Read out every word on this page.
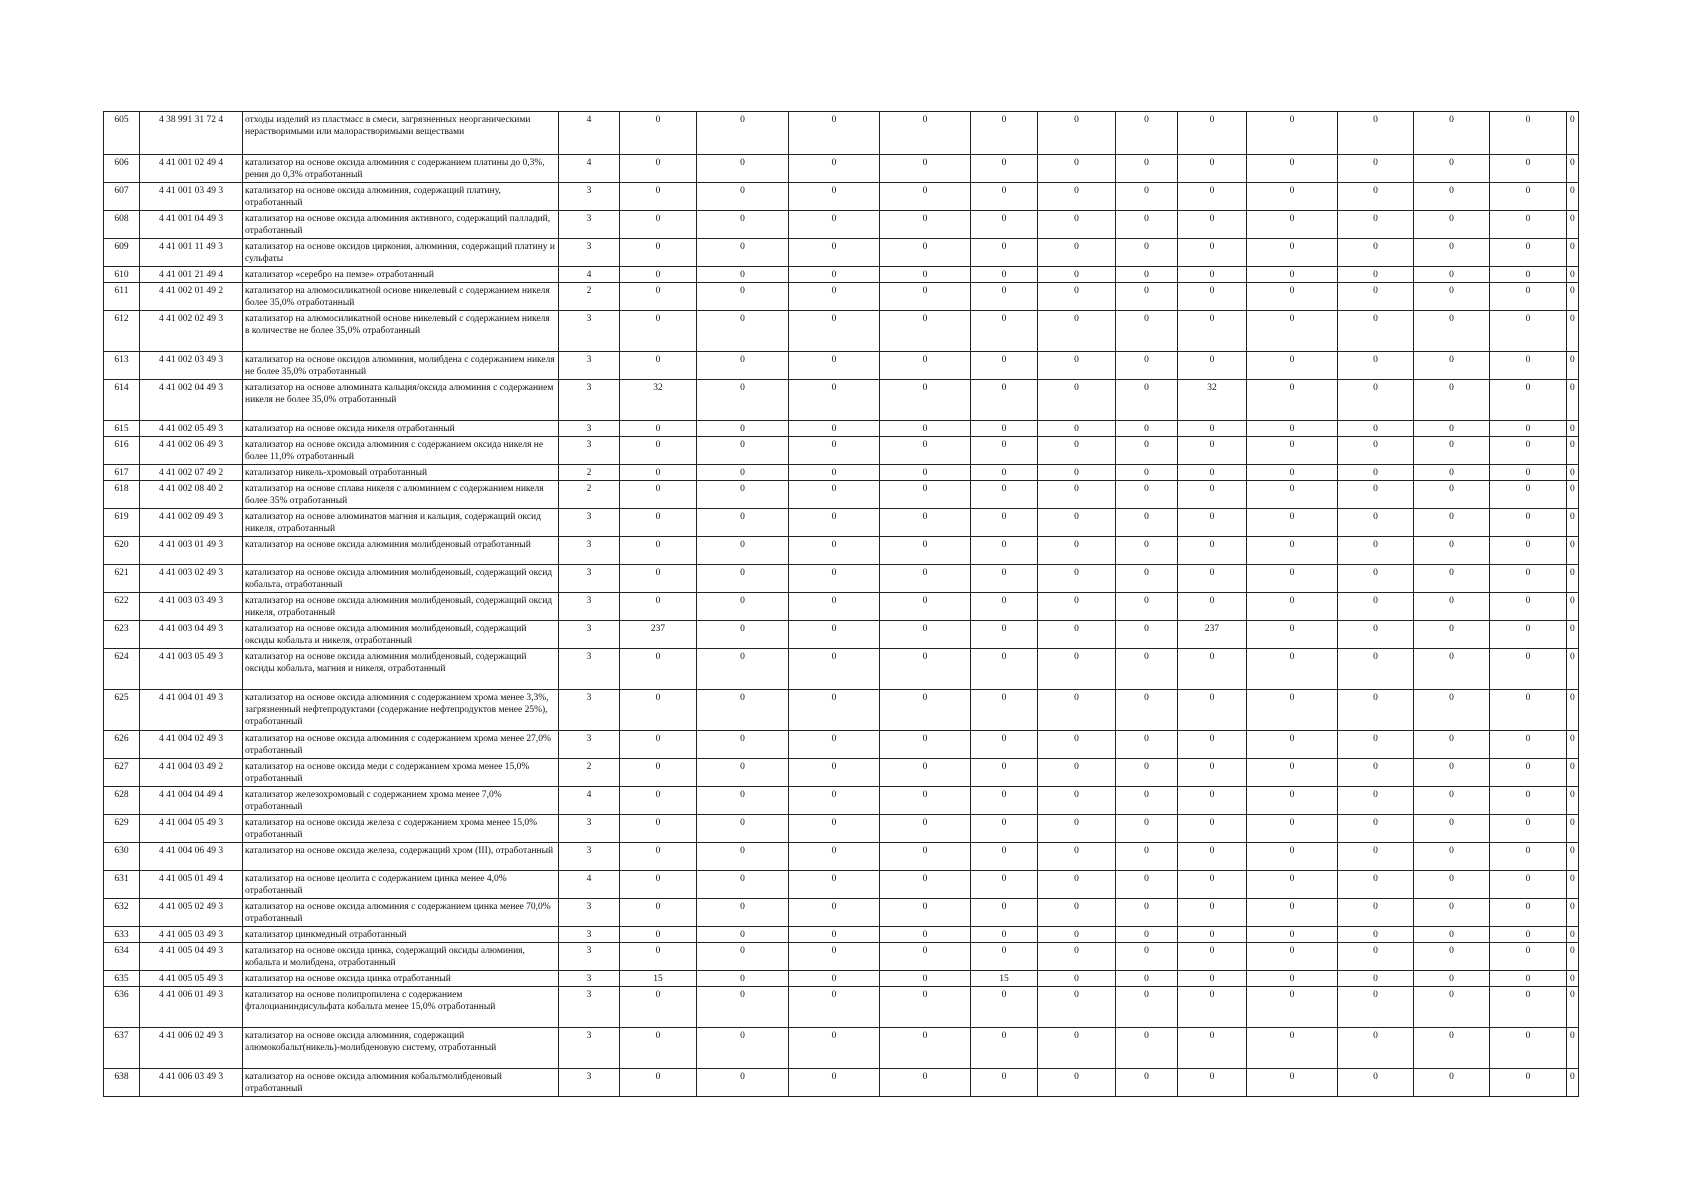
605	4 38 991 31 72 4	отходы изделий из пластмасс в смеси, загрязненных неорганическими нерастворимыми или малорастворимыми веществами	4	0	0	0	0	0	0	0	0	0	0	0	0	0
606	4 41 001 02 49 4	катализатор на основе оксида алюминия с содержанием платины до 0,3%, рения до 0,3% отработанный	4	0	0	0	0	0	0	0	0	0	0	0	0	0
607	4 41 001 03 49 3	катализатор на основе оксида алюминия, содержащий платину, отработанный	3	0	0	0	0	0	0	0	0	0	0	0	0	0
608	4 41 001 04 49 3	катализатор на основе оксида алюминия активного, содержащий палладий, отработанный	3	0	0	0	0	0	0	0	0	0	0	0	0	0
609	4 41 001 11 49 3	катализатор на основе оксидов циркония, алюминия, содержащий платину и сульфаты	3	0	0	0	0	0	0	0	0	0	0	0	0	0
610	4 41 001 21 49 4	катализатор «серебро на пемзе» отработанный	4	0	0	0	0	0	0	0	0	0	0	0	0	0
611	4 41 002 01 49 2	катализатор на алюмосиликатной основе никелевый с содержанием никеля более 35,0% отработанный	2	0	0	0	0	0	0	0	0	0	0	0	0	0
612	4 41 002 02 49 3	катализатор на алюмосиликатной основе никелевый с содержанием никеля в количестве не более 35,0% отработанный	3	0	0	0	0	0	0	0	0	0	0	0	0	0
613	4 41 002 03 49 3	катализатор на основе оксидов алюминия, молибдена с содержанием никеля не более 35,0% отработанный	3	0	0	0	0	0	0	0	0	0	0	0	0	0
614	4 41 002 04 49 3	катализатор на основе алюмината кальция/оксида алюминия с содержанием никеля не более 35,0% отработанный	3	32	0	0	0	0	0	0	32	0	0	0	0	0
615	4 41 002 05 49 3	катализатор на основе оксида никеля отработанный	3	0	0	0	0	0	0	0	0	0	0	0	0	0
616	4 41 002 06 49 3	катализатор на основе оксида алюминия с содержанием оксида никеля не более 11,0% отработанный	3	0	0	0	0	0	0	0	0	0	0	0	0	0
617	4 41 002 07 49 2	катализатор никель-хромовый отработанный	2	0	0	0	0	0	0	0	0	0	0	0	0	0
618	4 41 002 08 40 2	катализатор на основе сплава никеля с алюминием с содержанием никеля более 35% отработанный	2	0	0	0	0	0	0	0	0	0	0	0	0	0
619	4 41 002 09 49 3	катализатор на основе алюминатов магния и кальция, содержащий оксид никеля, отработанный	3	0	0	0	0	0	0	0	0	0	0	0	0	0
620	4 41 003 01 49 3	катализатор на основе оксида алюминия молибденовый отработанный	3	0	0	0	0	0	0	0	0	0	0	0	0	0
621	4 41 003 02 49 3	катализатор на основе оксида алюминия молибденовый, содержащий оксид кобальта, отработанный	3	0	0	0	0	0	0	0	0	0	0	0	0	0
622	4 41 003 03 49 3	катализатор на основе оксида алюминия молибденовый, содержащий оксид никеля, отработанный	3	0	0	0	0	0	0	0	0	0	0	0	0	0
623	4 41 003 04 49 3	катализатор на основе оксида алюминия молибденовый, содержащий оксиды кобальта и никеля, отработанный	3	237	0	0	0	0	0	0	237	0	0	0	0	0
624	4 41 003 05 49 3	катализатор на основе оксида алюминия молибденовый, содержащий оксиды кобальта, магния и никеля, отработанный	3	0	0	0	0	0	0	0	0	0	0	0	0	0
625	4 41 004 01 49 3	катализатор на основе оксида алюминия с содержанием хрома менее 3,3%, загрязненный нефтепродуктами (содержание нефтепродуктов менее 25%), отработанный	3	0	0	0	0	0	0	0	0	0	0	0	0	0
626	4 41 004 02 49 3	катализатор на основе оксида алюминия с содержанием хрома менее 27,0% отработанный	3	0	0	0	0	0	0	0	0	0	0	0	0	0
627	4 41 004 03 49 2	катализатор на основе оксида меди с содержанием хрома менее 15,0% отработанный	2	0	0	0	0	0	0	0	0	0	0	0	0	0
628	4 41 004 04 49 4	катализатор железохромовый с содержанием хрома менее 7,0% отработанный	4	0	0	0	0	0	0	0	0	0	0	0	0	0
629	4 41 004 05 49 3	катализатор на основе оксида железа с содержанием хрома менее 15,0% отработанный	3	0	0	0	0	0	0	0	0	0	0	0	0	0
630	4 41 004 06 49 3	катализатор на основе оксида железа, содержащий хром (III), отработанный	3	0	0	0	0	0	0	0	0	0	0	0	0	0
631	4 41 005 01 49 4	катализатор на основе цеолита с содержанием цинка менее 4,0% отработанный	4	0	0	0	0	0	0	0	0	0	0	0	0	0
632	4 41 005 02 49 3	катализатор на основе оксида алюминия с содержанием цинка менее 70,0% отработанный	3	0	0	0	0	0	0	0	0	0	0	0	0	0
633	4 41 005 03 49 3	катализатор цинкмедный отработанный	3	0	0	0	0	0	0	0	0	0	0	0	0	0
634	4 41 005 04 49 3	катализатор на основе оксида цинка, содержащий оксиды алюминия, кобальта и молибдена, отработанный	3	0	0	0	0	0	0	0	0	0	0	0	0	0
635	4 41 005 05 49 3	катализатор на основе оксида цинка отработанный	3	15	0	0	0	15	0	0	0	0	0	0	0	0
636	4 41 006 01 49 3	катализатор на основе полипропилена с содержанием фталоцианиндисульфата кобальта менее 15,0% отработанный	3	0	0	0	0	0	0	0	0	0	0	0	0	0
637	4 41 006 02 49 3	катализатор на основе оксида алюминия, содержащий алюмокобальт(никель)-молибденовую систему, отработанный	3	0	0	0	0	0	0	0	0	0	0	0	0	0
638	4 41 006 03 49 3	катализатор на основе оксида алюминия кобальтмолибденовый отработанный	3	0	0	0	0	0	0	0	0	0	0	0	0	0
